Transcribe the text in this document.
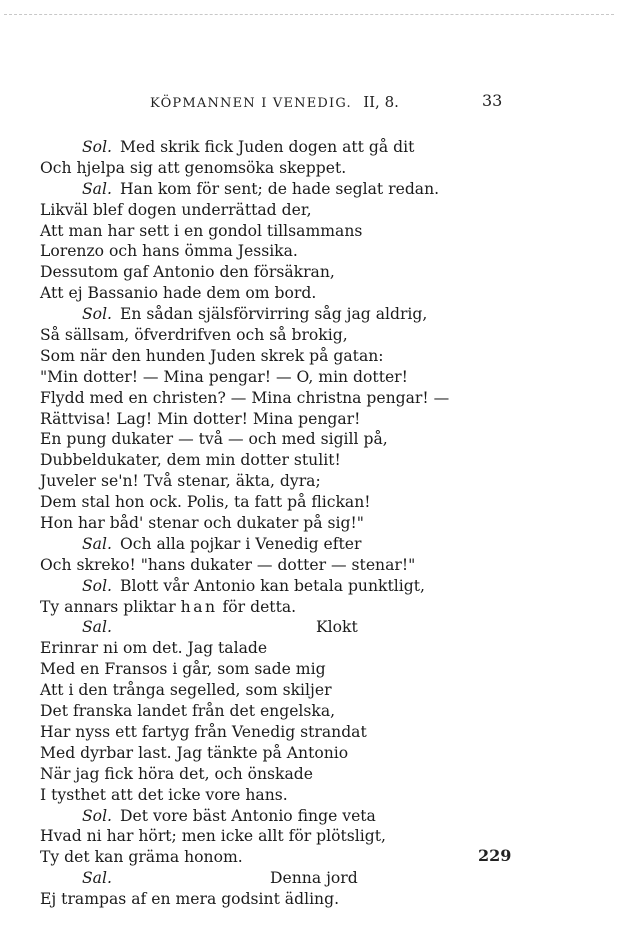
KÖPMANNEN I VENEDIG. II, 8.	33
Sol. Med skrik fick Juden dogen att gå dit
Och hjelpa sig att genomsöka skeppet.
Sal. Han kom för sent; de hade seglat redan.
Likväl blef dogen underrättad der,
Att man har sett i en gondol tillsammans
Lorenzo och hans ömma Jessika.
Dessutom gaf Antonio den försäkran,
Att ej Bassanio hade dem om bord.
Sol. En sådan själsförvirring såg jag aldrig,
Så sällsam, öfverdrifven och så brokig,
Som när den hunden Juden skrek på gatan:
"Min dotter! — Mina pengar! — O, min dotter!
Flydd med en christen? — Mina christna pengar! —
Rättvisa! Lag! Min dotter! Mina pengar!
En pung dukater — två — och med sigill på,
Dubbeldukater, dem min dotter stulit!
Juveler se'n! Två stenar, äkta, dyra;
Dem stal hon ock. Polis, ta fatt på flickan!
Hon har båd' stenar och dukater på sig!"
Sal. Och alla pojkar i Venedig efter
Och skreko! "hans dukater — dotter — stenar!"
Sol. Blott vår Antonio kan betala punktligt,
Ty annars pliktar han för detta.
Sal.	Klokt
Erinrar ni om det. Jag talade
Med en Fransos i går, som sade mig
Att i den trånga segelled, som skiljer
Det franska landet från det engelska,
Har nyss ett fartyg från Venedig strandat
Med dyrbar last. Jag tänkte på Antonio
När jag fick höra det, och önskade
I tysthet att det icke vore hans.
Sol. Det vore bäst Antonio finge veta
Hvad ni har hört; men icke allt för plötsligt,
Ty det kan gräma honom.
Sal.	Denna jord
Ej trampas af en mera godsint ädling.
229
